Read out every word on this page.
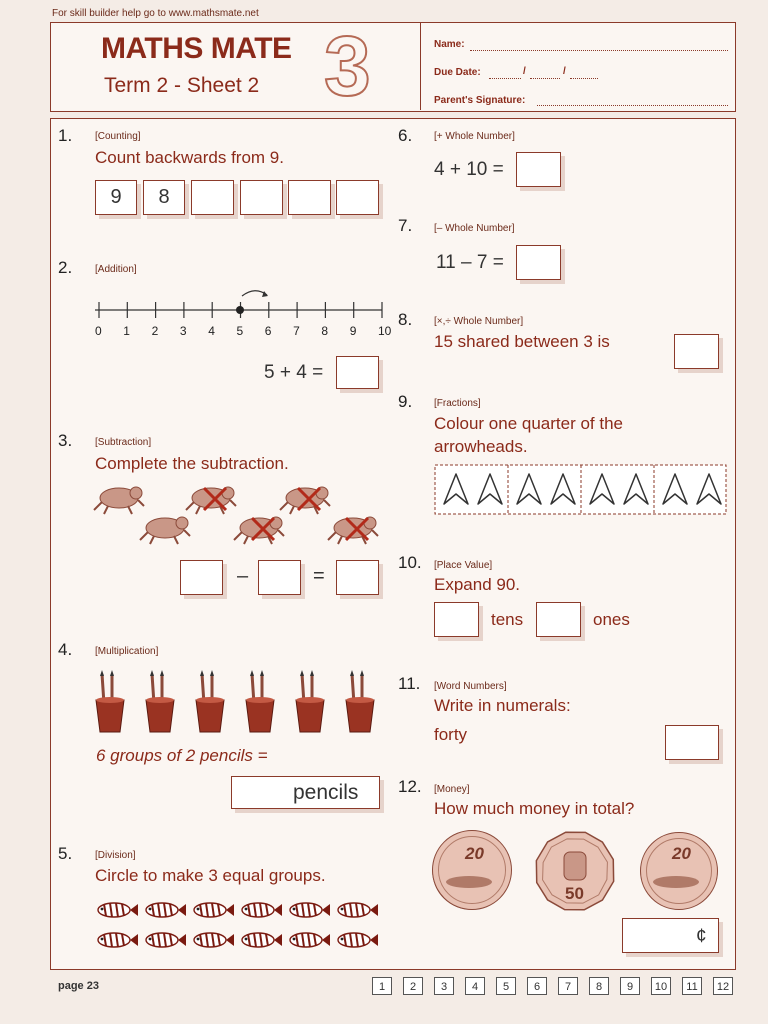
For skill builder help go to www.mathsmate.net
MATHS MATE
Term 2 - Sheet 2 3	Name:
Due Date:	/	/
Parent's Signature:
1. [Counting]
Count backwards from 9.
9	8
2. [Addition]
0 1 2 3 4 5 6 7 8 9 10
5 + 4 =
3. [Subtraction]
Complete the subtraction.
–	=
4. [Multiplication]
6 groups of 2 pencils =
pencils
5. [Division]
Circle to make 3 equal groups.
6. [+ Whole Number]
4 + 10 =
7. [– Whole Number]
11 – 7 =
8. [×,÷ Whole Number]
15 shared between 3 is
9. [Fractions]
Colour one quarter of the
arrowheads.
10. [Place Value]
Expand 90.
tens	ones
11. [Word Numbers]
Write in numerals:
forty
12. [Money]
How much money in total?
20
50
20
¢
page 23	1	2	3	4	5	6	7	8	9	10	11	12
